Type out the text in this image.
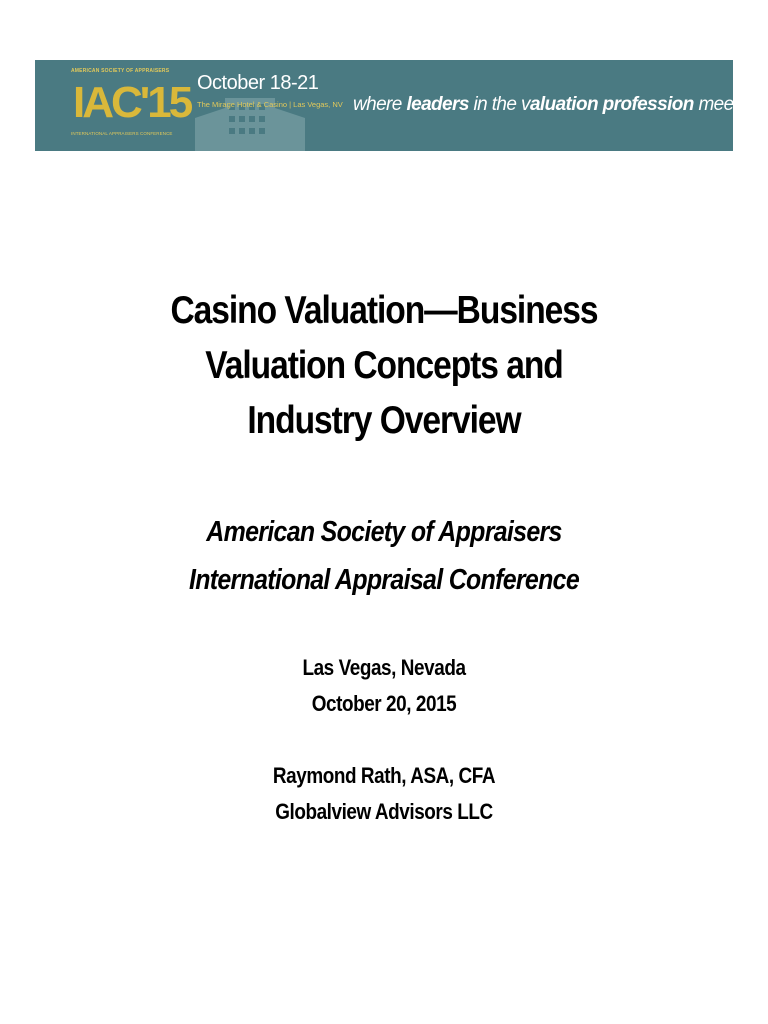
AMERICAN SOCIETY OF APPRAISERS
IAC'15
INTERNATIONAL APPRAISERS CONFERENCE
October 18-21
The Mirage Hotel & Casino | Las Vegas, NV where leaders in the valuation profession meet
Casino Valuation—Business
Valuation Concepts and
Industry Overview
American Society of Appraisers
International Appraisal Conference
Las Vegas, Nevada
October 20, 2015
Raymond Rath, ASA, CFA
Globalview Advisors LLC
